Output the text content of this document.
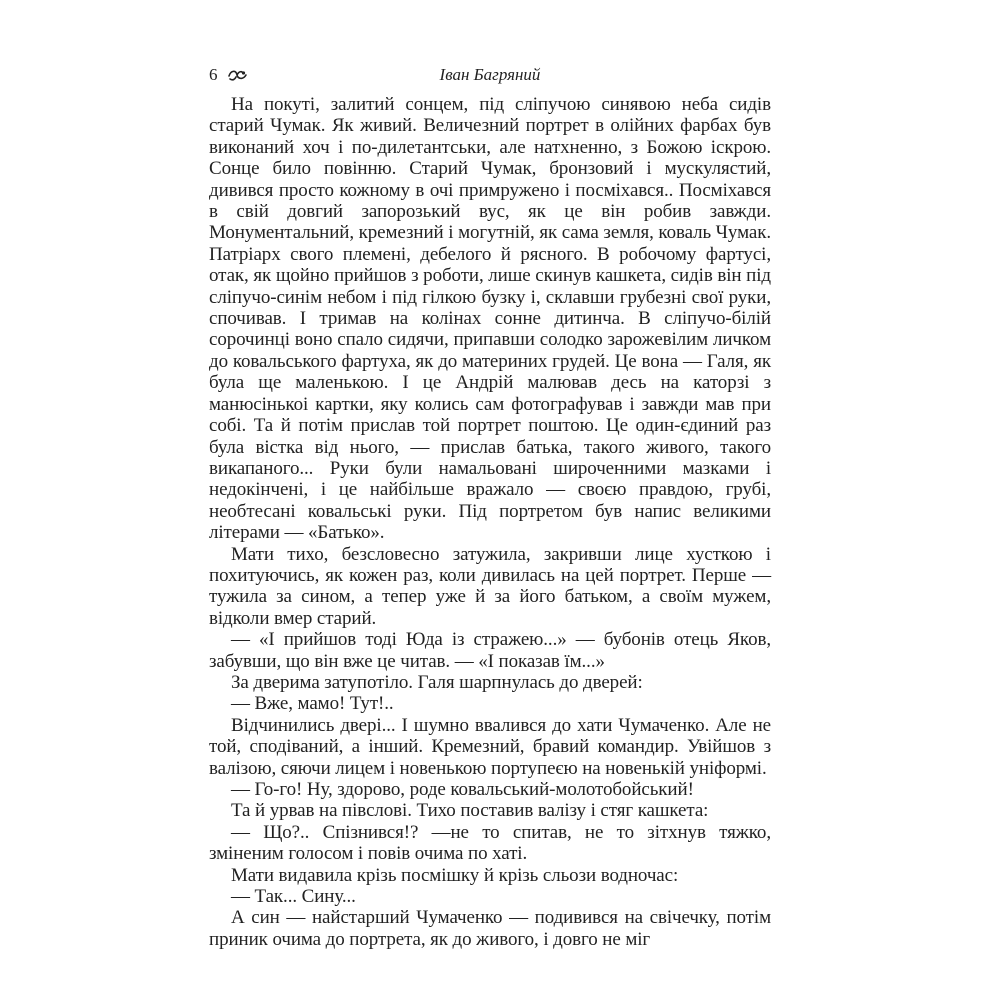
6	Іван Багряний

На покуті, залитий сонцем, під сліпучою синявою неба сидів старий Чумак. Як живий. Величезний портрет в олійних фарбах був виконаний хоч і по-дилетантськи, але натхненно, з Божою іскрою. Сонце било повінню. Старий Чумак, бронзовий і мускулястий, дивився просто кожному в очі примружено і посміхався.. Посміхався в свій довгий запорозький вус, як це він робив завжди. Монументальний, кремезний і могутній, як сама земля, коваль Чумак. Патріарх свого племені, дебелого й рясного. В робочому фартусі, отак, як щойно прийшов з роботи, лише скинув кашкета, сидів він під сліпучо-синім небом і під гілкою бузку і, склавши грубезні свої руки, спочивав. І тримав на колінах сонне дитинча. В сліпучо-білій сорочинці воно спало сидячи, припавши солодко зарожевілим личком до ковальського фартуха, як до материних грудей. Це вона — Галя, як була ще маленькою. І це Андрій малював десь на каторзі з манюсінькоі картки, яку колись сам фотографував і завжди мав при собі. Та й потім прислав той портрет поштою. Це один-єдиний раз була вістка від нього, — прислав батька, такого живого, такого викапаного... Руки були намальовані широченними мазками і недокінчені, і це найбільше вражало — своєю правдою, грубі, необтесані ковальські руки. Під портретом був напис великими літерами — «Батько».

Мати тихо, безсловесно затужила, закривши лице хусткою і похитуючись, як кожен раз, коли дивилась на цей портрет. Перше — тужила за сином, а тепер уже й за його батьком, а своїм мужем, відколи вмер старий.

— «І прийшов тоді Юда із стражею...» — бубонів отець Яков, забувши, що він вже це читав. — «І показав їм...»

За дверима затупотіло. Галя шарпнулась до дверей:

— Вже, мамо! Тут!..

Відчинились двері... І шумно ввалився до хати Чумаченко. Але не той, сподіваний, а інший. Кремезний, бравий командир. Увійшов з валізою, сяючи лицем і новенькою портупеєю на новенькій уніформі.

— Го-го! Ну, здорово, роде ковальський-молотобойський!

Та й урвав на півслові. Тихо поставив валізу і стяг кашкета:

— Що?.. Спізнився!? —не то спитав, не то зітхнув тяжко, зміненим голосом і повів очима по хаті.

Мати видавила крізь посмішку й крізь сльози водночас:

— Так... Сину...

А син — найстарший Чумаченко — подивився на свічечку, потім приник очима до портрета, як до живого, і довго не міг
